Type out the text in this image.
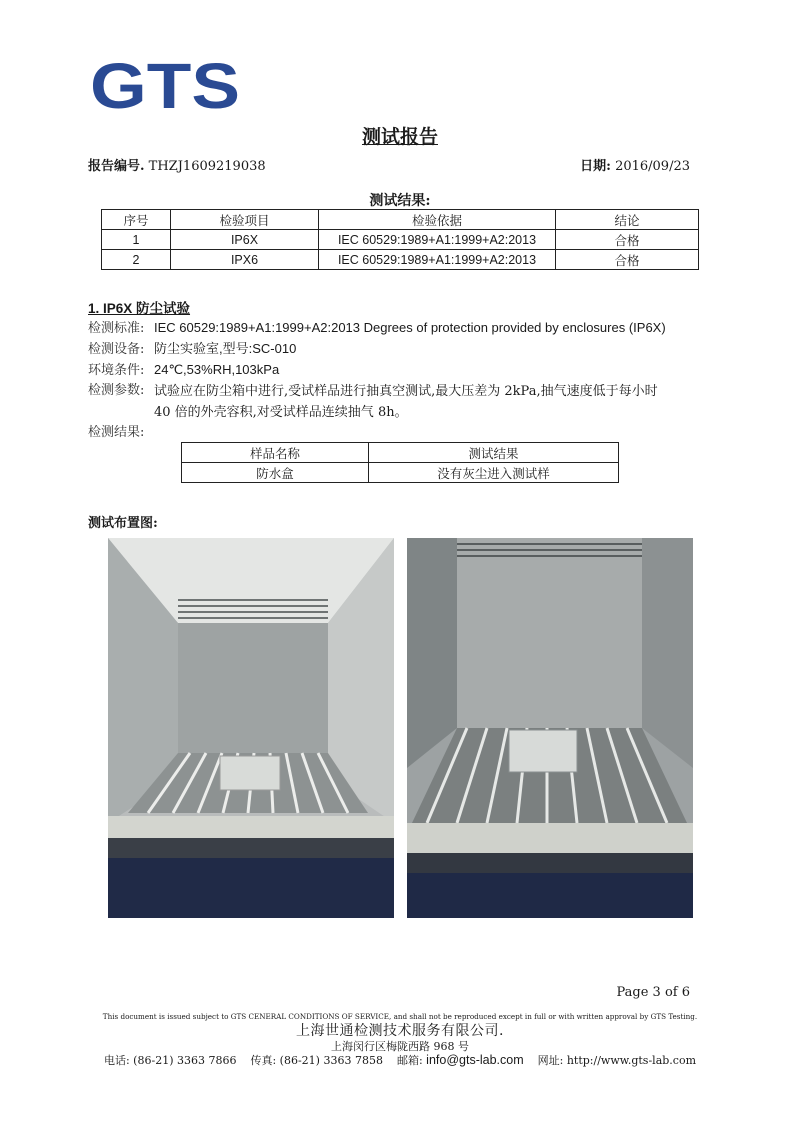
GTS
测试报告
报告编号. THZJ1609219038	日期: 2016/09/23
测试结果:
序号	检验项目	检验依据	结论
1	IP6X	IEC 60529:1989+A1:1999+A2:2013	合格
2	IPX6	IEC 60529:1989+A1:1999+A2:2013	合格
1. IP6X 防尘试验
检测标准: IEC 60529:1989+A1:1999+A2:2013 Degrees of protection provided by enclosures (IP6X)
检测设备: 防尘实验室,型号:SC-010
环境条件: 24℃,53%RH,103kPa
检测参数: 试验应在防尘箱中进行,受试样品进行抽真空测试,最大压差为 2kPa,抽气速度低于每小时
40 倍的外壳容积,对受试样品连续抽气 8h。
检测结果:
样品名称	测试结果
防水盒	没有灰尘进入测试样
测试布置图:
Page 3 of 6
This document is issued subject to GTS CENERAL CONDITIONS OF SERVICE, and shall not be reproduced except in full or with written approval by GTS Testing.
上海世通检测技术服务有限公司.
上海闵行区梅陇西路 968 号
电话: (86-21) 3363 7866 传真: (86-21) 3363 7858 邮箱: info@gts-lab.com 网址: http://www.gts-lab.com
